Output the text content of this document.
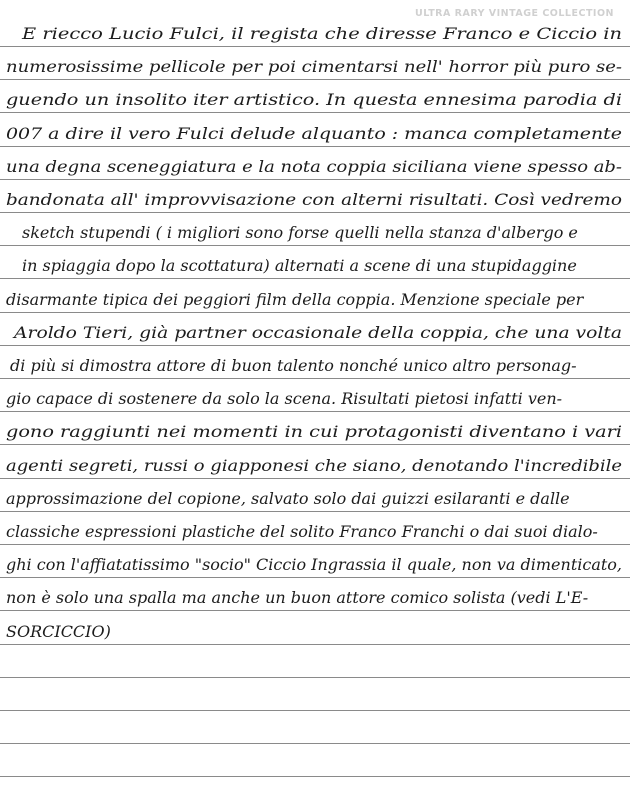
ULTRA RARY VINTAGE COLLECTION
E riecco Lucio Fulci, il regista che diresse Franco e Ciccio in
numerosissime pellicole per poi cimentarsi nell' horror più puro se-
guendo un insolito iter artistico. In questa ennesima parodia di
007 a dire il vero Fulci delude alquanto : manca completamente
una degna sceneggiatura e la nota coppia siciliana viene spesso ab-
bandonata all' improvvisazione con alterni risultati. Così vedremo
sketch stupendi ( i migliori sono forse quelli nella stanza d'albergo e
in spiaggia dopo la scottatura) alternati a scene di una stupidaggine
disarmante tipica dei peggiori film della coppia. Menzione speciale per
Aroldo Tieri, già partner occasionale della coppia, che una volta
di più si dimostra attore di buon talento nonché unico altro personag-
gio capace di sostenere da solo la scena. Risultati pietosi infatti ven-
gono raggiunti nei momenti in cui protagonisti diventano i vari
agenti segreti, russi o giapponesi che siano, denotando l'incredibile
approssimazione del copione, salvato solo dai guizzi esilaranti e dalle
classiche espressioni plastiche del solito Franco Franchi o dai suoi dialo-
ghi con l'affiatatissimo "socio" Ciccio Ingrassia il quale, non va dimenticato,
non è solo una spalla ma anche un buon attore comico solista (vedi L'E-
SORCICCIO)
